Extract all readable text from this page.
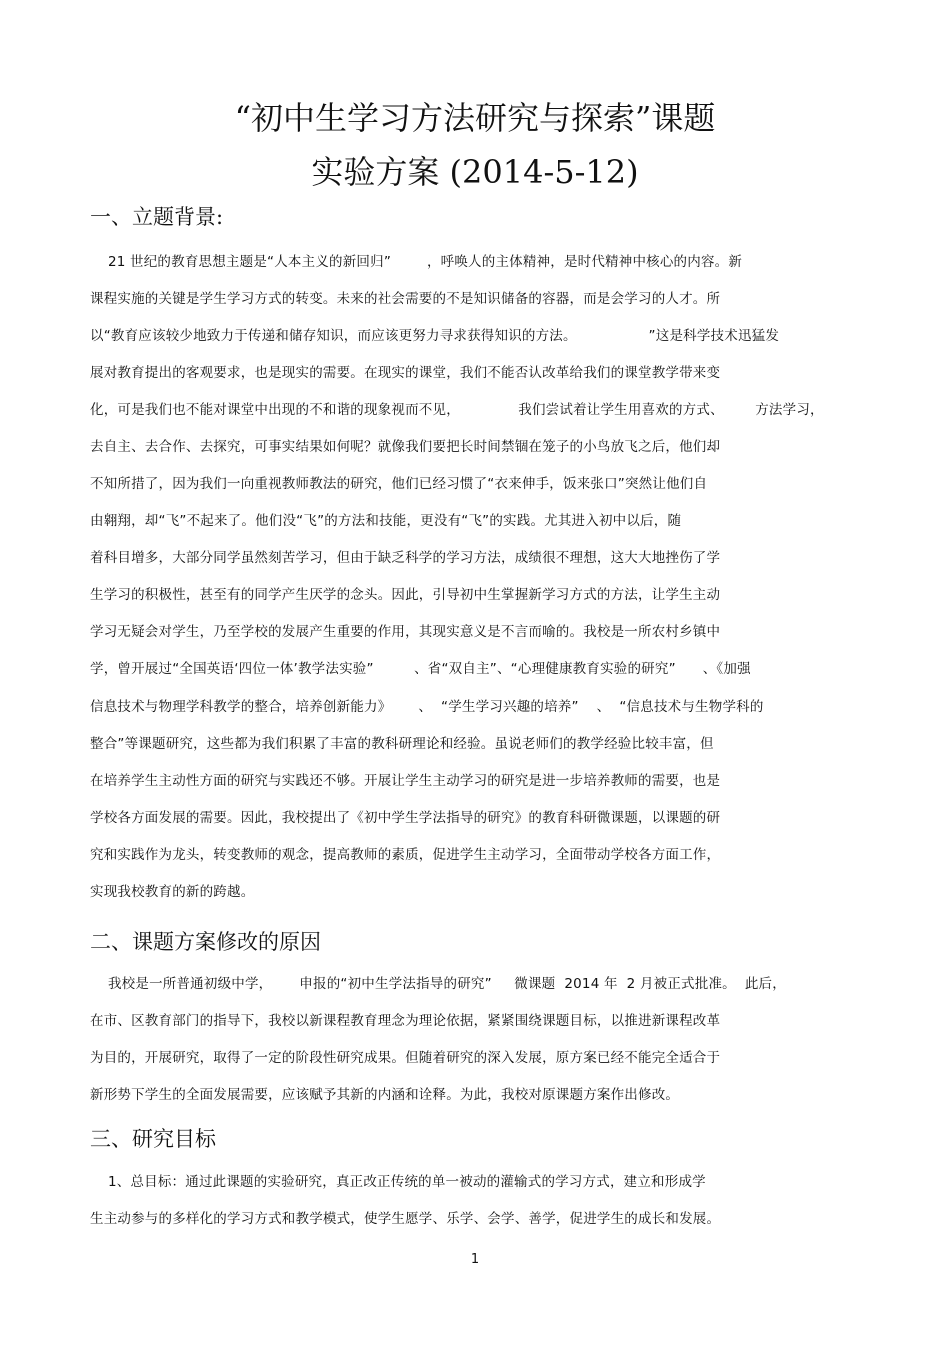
“初中生学习方法研究与探索”课题
实验方案 (2014-5-12)
一、立题背景:
21 世纪的教育思想主题是“人本主义的新回归”        ，呼唤人的主体精神，是时代精神中核心的内容。新
课程实施的关键是学生学习方式的转变。未来的社会需要的不是知识储备的容器，而是会学习的人才。所
以“教育应该较少地致力于传递和储存知识，而应该更努力寻求获得知识的方法。                ”这是科学技术迅猛发
展对教育提出的客观要求，也是现实的需要。在现实的课堂，我们不能否认改革给我们的课堂教学带来变
化，可是我们也不能对课堂中出现的不和谐的现象视而不见，             我们尝试着让学生用喜欢的方式、       方法学习，
去自主、去合作、去探究，可事实结果如何呢？就像我们要把长时间禁锢在笼子的小鸟放飞之后，他们却
不知所措了，因为我们一向重视教师教法的研究，他们已经习惯了“衣来伸手，饭来张口”突然让他们自
由翱翔，却“飞”不起来了。他们没“飞”的方法和技能，更没有“飞”的实践。尤其进入初中以后，随
着科目增多，大部分同学虽然刻苦学习，但由于缺乏科学的学习方法，成绩很不理想，这大大地挫伤了学
生学习的积极性，甚至有的同学产生厌学的念头。因此，引导初中生掌握新学习方式的方法，让学生主动
学习无疑会对学生，乃至学校的发展产生重要的作用，其现实意义是不言而喻的。我校是一所农村乡镇中
学，曾开展过“全国英语‘四位一体’教学法实验”         、省“双自主”、“心理健康教育实验的研究”      、《加强
信息技术与物理学科教学的整合，培养创新能力》      、  “学生学习兴趣的培养”    、  “信息技术与生物学科的
整合”等课题研究，这些都为我们积累了丰富的教科研理论和经验。虽说老师们的教学经验比较丰富，但
在培养学生主动性方面的研究与实践还不够。开展让学生主动学习的研究是进一步培养教师的需要，也是
学校各方面发展的需要。因此，我校提出了《初中学生学法指导的研究》的教育科研微课题，以课题的研
究和实践作为龙头，转变教师的观念，提高教师的素质，促进学生主动学习，全面带动学校各方面工作，
实现我校教育的新的跨越。
二、课题方案修改的原因
我校是一所普通初级中学，      申报的“初中生学法指导的研究”     微课题  2014 年  2 月被正式批准。  此后，
在市、区教育部门的指导下，我校以新课程教育理念为理论依据，紧紧围绕课题目标，以推进新课程改革
为目的，开展研究，取得了一定的阶段性研究成果。但随着研究的深入发展，原方案已经不能完全适合于
新形势下学生的全面发展需要，应该赋予其新的内涵和诠释。为此，我校对原课题方案作出修改。
三、研究目标
1、总目标：通过此课题的实验研究，真正改正传统的单一被动的灌输式的学习方式，建立和形成学
生主动参与的多样化的学习方式和教学模式，使学生愿学、乐学、会学、善学，促进学生的成长和发展。
1
